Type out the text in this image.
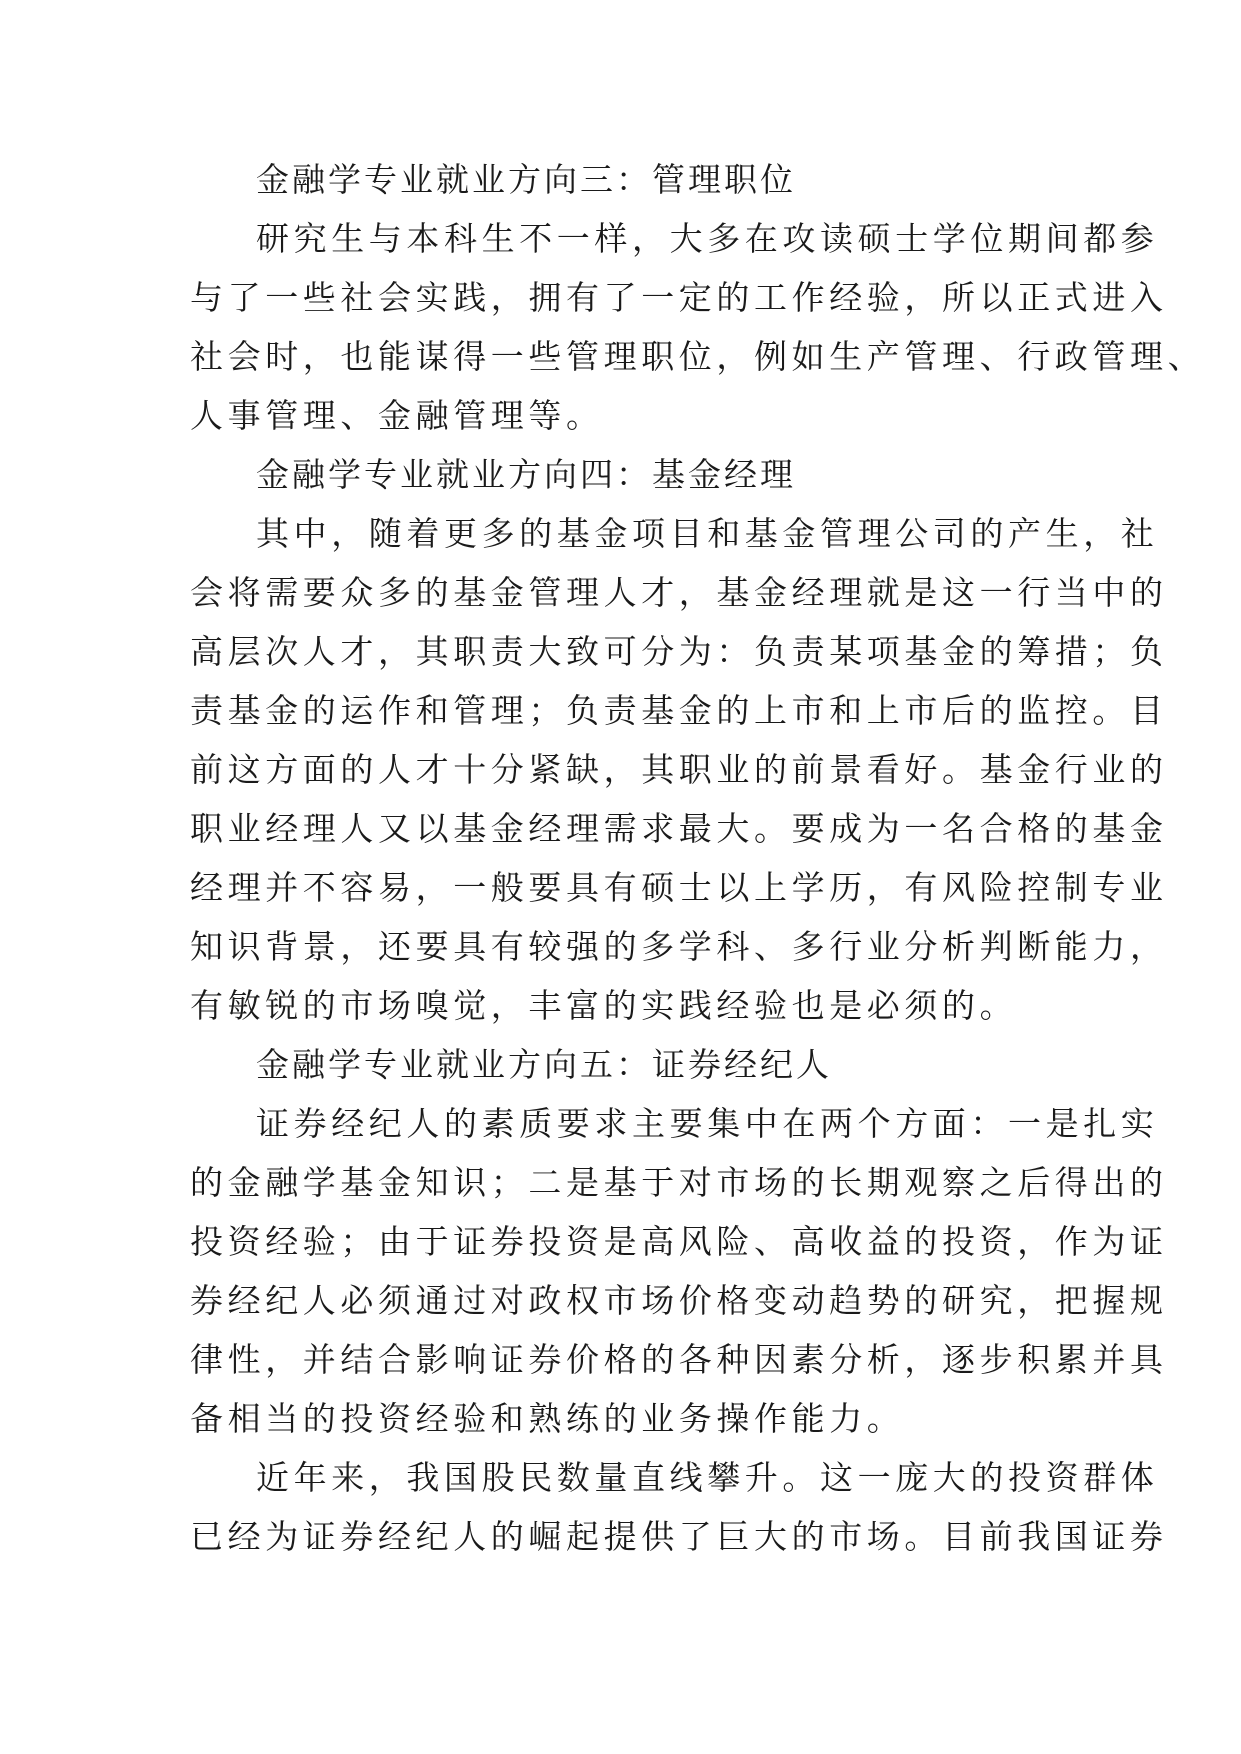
金融学专业就业方向三：管理职位
研究生与本科生不一样，大多在攻读硕士学位期间都参
与了一些社会实践，拥有了一定的工作经验，所以正式进入
社会时，也能谋得一些管理职位，例如生产管理、行政管理、
人事管理、金融管理等。
金融学专业就业方向四：基金经理
其中，随着更多的基金项目和基金管理公司的产生，社
会将需要众多的基金管理人才，基金经理就是这一行当中的
高层次人才，其职责大致可分为：负责某项基金的筹措；负
责基金的运作和管理；负责基金的上市和上市后的监控。目
前这方面的人才十分紧缺，其职业的前景看好。基金行业的
职业经理人又以基金经理需求最大。要成为一名合格的基金
经理并不容易，一般要具有硕士以上学历，有风险控制专业
知识背景，还要具有较强的多学科、多行业分析判断能力，
有敏锐的市场嗅觉，丰富的实践经验也是必须的。
金融学专业就业方向五：证券经纪人
证券经纪人的素质要求主要集中在两个方面：一是扎实
的金融学基金知识；二是基于对市场的长期观察之后得出的
投资经验；由于证券投资是高风险、高收益的投资，作为证
券经纪人必须通过对政权市场价格变动趋势的研究，把握规
律性，并结合影响证券价格的各种因素分析，逐步积累并具
备相当的投资经验和熟练的业务操作能力。
近年来，我国股民数量直线攀升。这一庞大的投资群体
已经为证券经纪人的崛起提供了巨大的市场。目前我国证券
